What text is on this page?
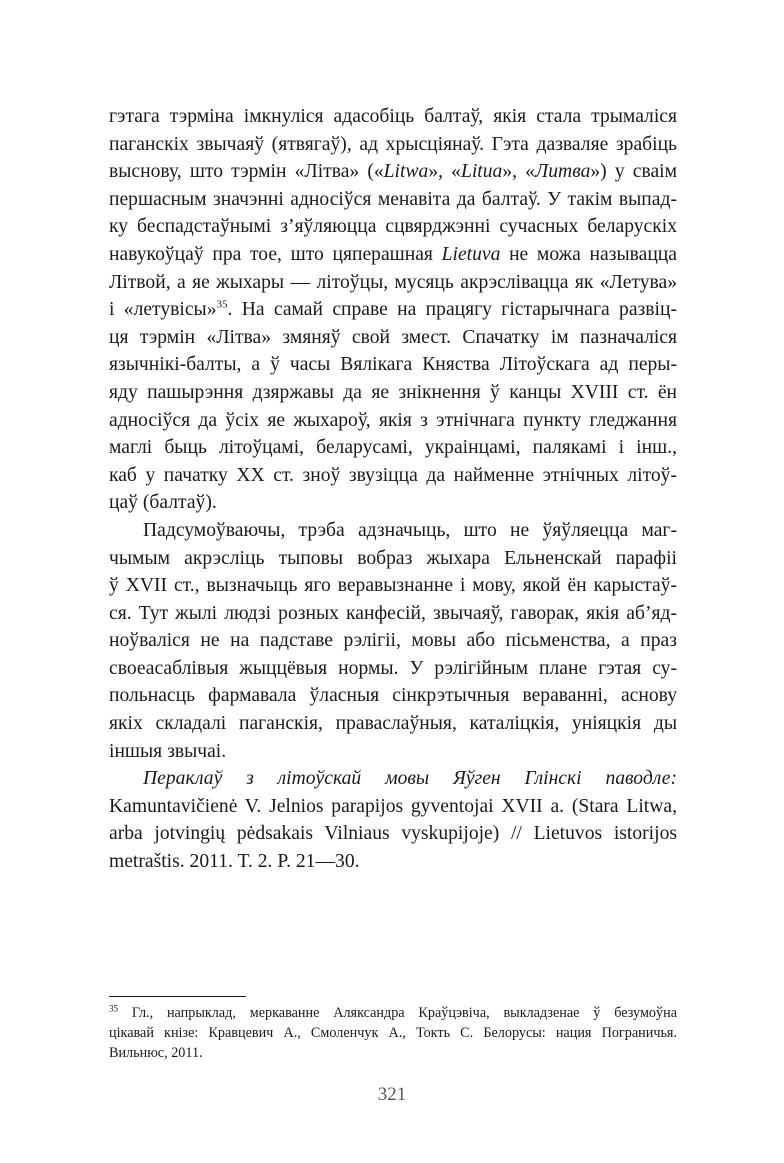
гэтага тэрміна імкнуліся адасобіць балтаў, якія стала трымаліся
паганскіх звычаяў (ятвягаў), ад хрысціянаў. Гэта дазваляе зрабіць
выснову, што тэрмін «Літва» («Litwa», «Litua», «Литва») у сваім
першасным значэнні адносіўся менавіта да балтаў. У такім выпад-
ку беспадстаўнымі з’яўляюцца сцвярджэнні сучасных беларускіх
навукоўцаў пра тое, што цяперашная Lietuva не можа называцца
Літвой, а яе жыхары — літоўцы, мусяць акрэслівацца як «Летува»
і «летувісы»$^{35}$. На самай справе на працягу гістарычнага развіц-
ця тэрмін «Літва» змяняў свой змест. Спачатку ім пазначаліся
язычнікі-балты, а ў часы Вялікага Княства Літоўскага ад пеpы-
яду пашырэння дзяржавы да яе знікнення ў канцы XVIII ст. ён
адносіўся да ўсіх яе жыхароў, якія з этнічнага пункту гледжання
маглі быць літоўцамі, беларусамі, украінцамі, палякамі і інш.,
каб у пачатку XX ст. зноў звузіцца да найменне этнічных літоў-
цаў (балтаў).

Падсумоўваючы, трэба адзначыць, што не ўяўляецца маг-
чымым акрэсліць тыповы вобраз жыхара Ельненскай парафіі
ў XVII ст., вызначыць яго веравызнанне і мову, якой ён карыстаў-
ся. Тут жылі людзі розных канфесій, звычаяў, гаворак, якія аб’яд-
ноўваліся не на падставе рэлігіі, мовы або пісьменства, а праз
своеасаблівыя жыццёвыя нормы. У рэлігійным плане гэтая су-
польнасць фармавала ўласныя сінкрэтычныя вераванні, аснову
якіх складалі паганскія, праваслаўныя, каталіцкія, уніяцкія ды
іншыя звычаі.

Пераклаў з літоўскай мовы Яўген Глінскі паводле:
Kamuntavičienė V. Jelnios parapijos gyventojai XVII a. (Stara Litwa,
arba jotvingių pėdsakais Vilniaus vyskupijoje) // Lietuvos istorijos
metraštis. 2011. T. 2. P. 21—30.

$^{35}$ Гл., напрыклад, меркаванне Аляксандра Краўцэвіча, выкладзенае ў безумоўна
цікавай кнізе: Кравцевич А., Смоленчук А., Токть С. Белорусы: нация Пограничья.
Вильнюс, 2011.
321
